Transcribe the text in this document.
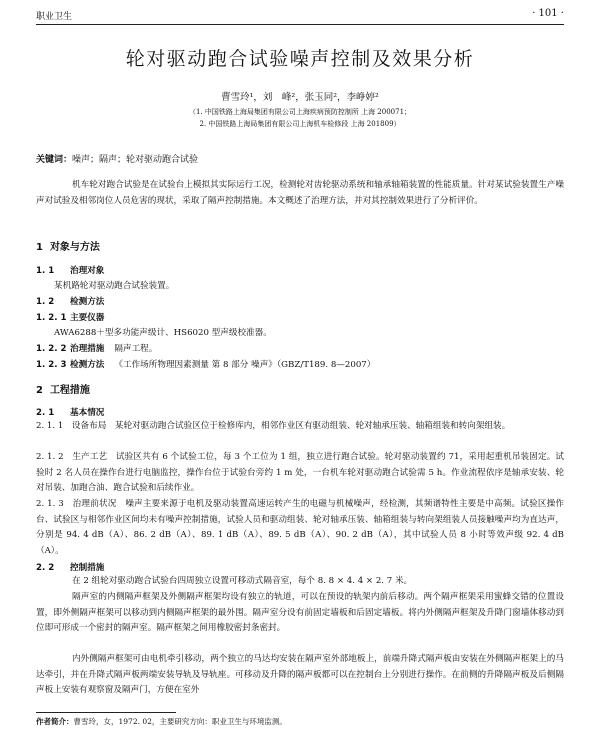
职业卫生	· 101 ·
轮对驱动跑合试验噪声控制及效果分析
曹雪玲¹，刘　峰²，张玉同²，李峥婷²
（1. 中国铁路上海局集团有限公司上海疾病预防控制所 上海 200071；
2. 中国铁路上海局集团有限公司上海机车检修段 上海 201809）
关键词：噪声；隔声；轮对驱动跑合试验

机车轮对跑合试验是在试验台上模拟其实际运行工况，检测轮对齿轮驱动系统和轴承轴箱装置的性能质量。针对某试验装置生产噪声对试验及相邻岗位人员危害的现状，采取了隔声控制措施。本文概述了治理方法，并对其控制效果进行了分析评价。

1 对象与方法
1. 1 治理对象
某机路轮对驱动跑合试验装置。
1. 2 检测方法
1. 2. 1 主要仪器
AWA6288＋型多功能声级计、HS6020 型声级校准器。
1. 2. 2 治理措施 隔声工程。
1. 2. 3 检测方法 《工作场所物理因素测量 第 8 部分 噪声》（GBZ/T189. 8—2007）
2 工程措施
2. 1 基本情况

2. 1. 1　设备布局　某轮对驱动跑合试验区位于检修库内，相邻作业区有驱动组装、轮对轴承压装、轴箱组装和转向架组装。

2. 1. 2　生产工艺　试验区共有 6 个试验工位，每 3 个工位为 1 组，独立进行跑合试验。轮对驱动装置约 71，采用起重机吊装固定。试验时 2 名人员在操作台进行电脑监控，操作台位于试验台旁约 1 m 处，一台机车轮对驱动跑合试验需 5 h。作业流程依序是轴承安装、轮对吊装、加跑合油、跑合试验和后续作业。

2. 1. 3　治理前状况　噪声主要来源于电机及驱动装置高速运转产生的电磁与机械噪声，经检测，其频谱特性主要是中高频。试验区操作台、试验区与相邻作业区间均未有噪声控制措施，试验人员和驱动组装、轮对轴承压装、轴箱组装与转向架组装人员接触噪声均为直达声，分别是 94. 4 dB（A）、86. 2 dB（A）、89. 1 dB（A）、89. 5 dB（A）、90. 2 dB（A），其中试验人员 8 小时等效声级 92. 4 dB（A）。

2. 2 控制措施

在 2 组轮对驱动跑合试验台四周独立设置可移动式隔音室，每个 8. 8 × 4. 4 × 2. 7 米。

隔声室的内侧隔声框架及外侧隔声框架均设有独立的轨道，可以在预设的轨架内前后移动。两个隔声框架采用蜜蜂交错的位置设置，即外侧隔声框架可以移动到内侧隔声框架的最外围。隔声室分设有前固定墙板和后固定墙板。将内外侧隔声框架及升降门窗墙体移动到位即可形成一个密封的隔声室。隔声框架之间用橡胶密封条密封。

内外侧隔声框架可由电机牵引移动，两个独立的马达均安装在隔声室外部地板上，前端升降式隔声板由安装在外侧隔声框架上的马达牵引，并在升降式隔声板两端安装导轨及导轨座。可移动及升降的隔声板都可以在控制台上分别进行操作。在前侧的升降隔声板及后侧隔声板上安装有观察窗及隔声门，方便在室外

作者简介：曹雪玲，女，1972. 02，主要研究方向：职业卫生与环境监测。
